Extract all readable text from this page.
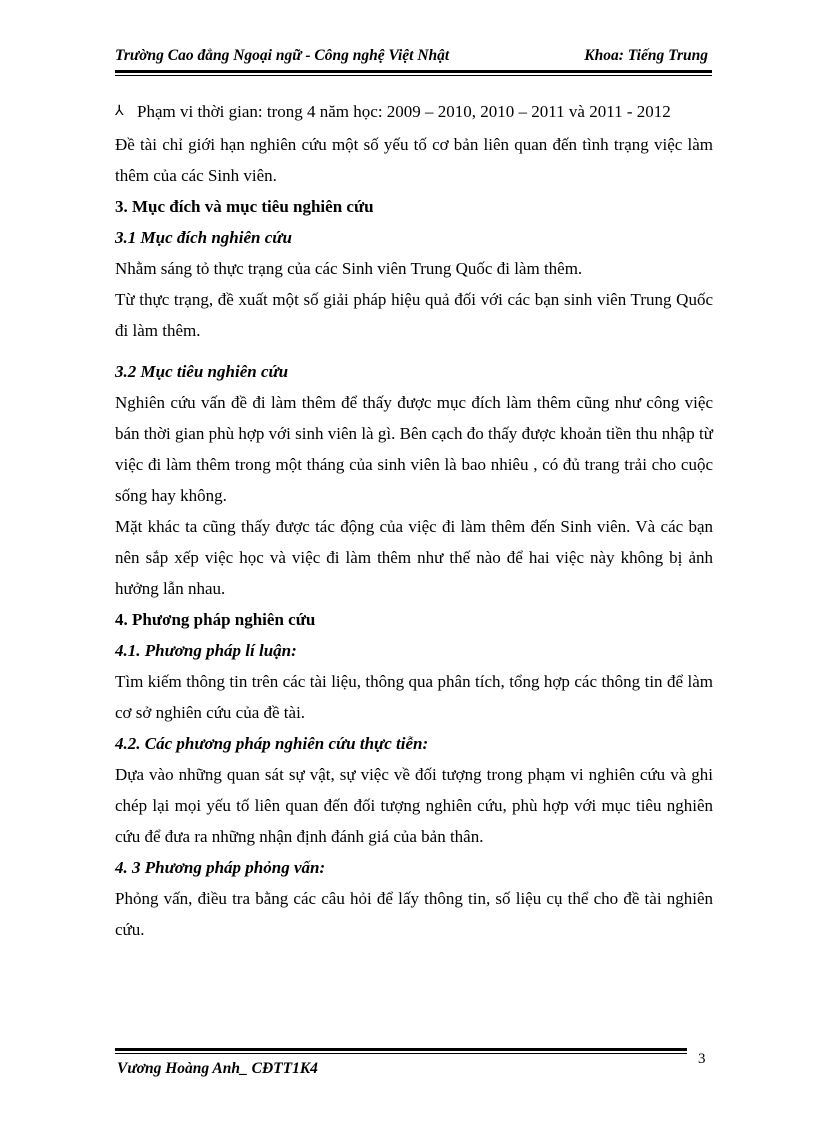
Trường Cao đẳng Ngoại ngữ - Công nghệ Việt Nhật	Khoa: Tiếng Trung

⅄ Phạm vi thời gian: trong 4 năm học: 2009 – 2010, 2010 – 2011 và 2011 - 2012

Đề tài chỉ giới hạn nghiên cứu một số yếu tố cơ bản liên quan đến tình trạng việc làm thêm của các Sinh viên.

3. Mục đích và mục tiêu nghiên cứu

3.1 Mục đích nghiên cứu

Nhằm sáng tỏ thực trạng của các Sinh viên Trung Quốc đi làm thêm.

Từ thực trạng, đề xuất một số giải pháp hiệu quả đối với các bạn sinh viên Trung Quốc đi làm thêm.

3.2 Mục tiêu nghiên cứu

Nghiên cứu vấn đề đi làm thêm để thấy được mục đích làm thêm cũng như công việc bán thời gian phù hợp với sinh viên là gì. Bên cạch đo thấy được khoản tiền thu nhập từ việc đi làm thêm trong một tháng của sinh viên là bao nhiêu , có đủ trang trải cho cuộc sống hay không.

Mặt khác ta cũng thấy được tác động của việc đi làm thêm đến Sinh viên. Và các bạn nên sắp xếp việc học và việc đi làm thêm như thế nào để hai việc này không bị ảnh hưởng lẫn nhau.

4. Phương pháp nghiên cứu

4.1. Phương pháp lí luận:

Tìm kiếm thông tin trên các tài liệu, thông qua phân tích, tổng hợp các thông tin để làm cơ sở nghiên cứu của đề tài.

4.2. Các phương pháp nghiên cứu thực tiễn:

Dựa vào những quan sát sự vật, sự việc về đối tượng trong phạm vi nghiên cứu và ghi chép lại mọi yếu tố liên quan đến đối tượng nghiên cứu, phù hợp với mục tiêu nghiên cứu để đưa ra những nhận định đánh giá của bản thân.

4. 3 Phương pháp phỏng vấn:

Phỏng vấn, điều tra bằng các câu hỏi để lấy thông tin, số liệu cụ thể cho đề tài nghiên cứu.

Vương Hoàng Anh_ CĐTT1K4
3
